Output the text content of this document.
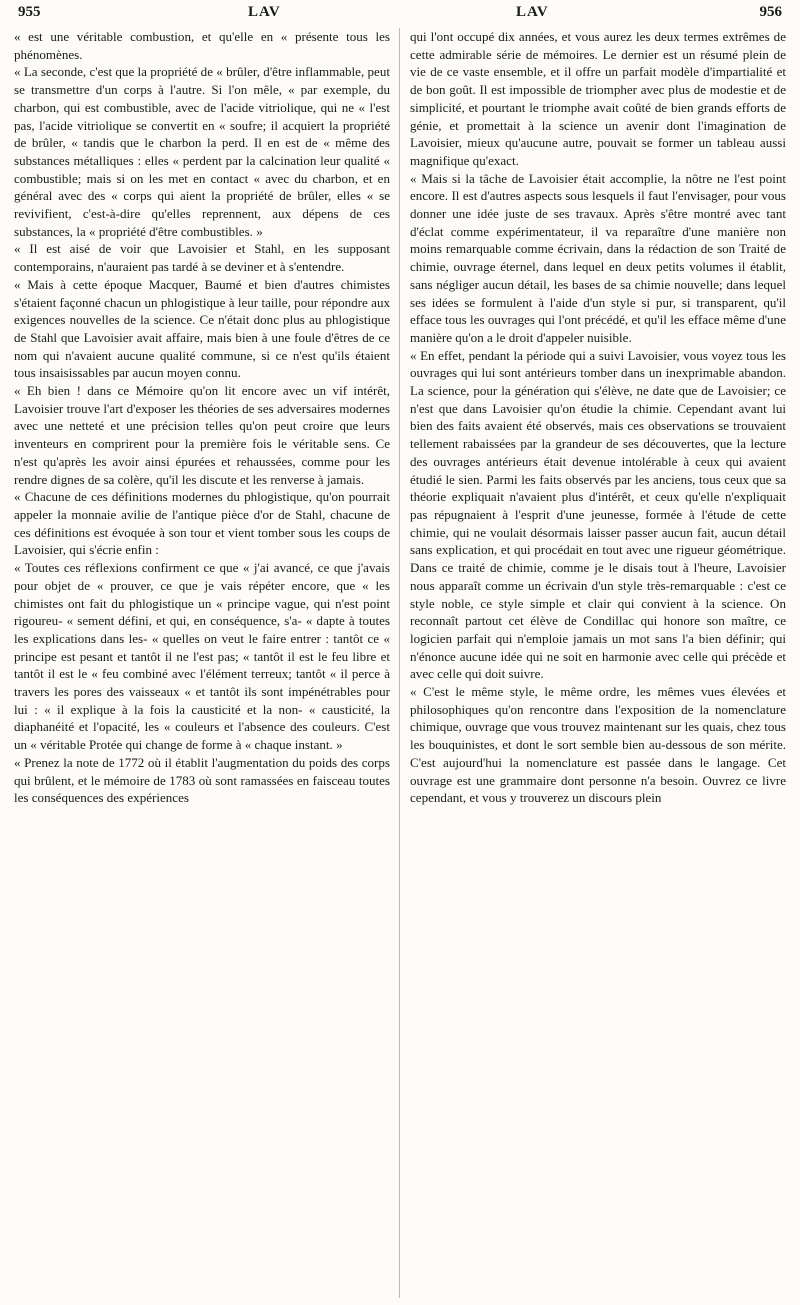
955	LAV	LAV	956

« est une véritable combustion, et qu'elle en « présente tous les phénomènes.

« La seconde, c'est que la propriété de « brûler, d'être inflammable, peut se transmettre d'un corps à l'autre. Si l'on mêle, « par exemple, du charbon, qui est combustible, avec de l'acide vitriolique, qui ne « l'est pas, l'acide vitriolique se convertit en « soufre; il acquiert la propriété de brûler, « tandis que le charbon la perd. Il en est de « même des substances métalliques : elles « perdent par la calcination leur qualité « combustible; mais si on les met en contact « avec du charbon, et en général avec des « corps qui aient la propriété de brûler, elles « se revivifient, c'est-à-dire qu'elles reprennent, aux dépens de ces substances, la « propriété d'être combustibles. »

« Il est aisé de voir que Lavoisier et Stahl, en les supposant contemporains, n'auraient pas tardé à se deviner et à s'entendre.

« Mais à cette époque Macquer, Baumé et bien d'autres chimistes s'étaient façonné chacun un phlogistique à leur taille, pour répondre aux exigences nouvelles de la science. Ce n'était donc plus au phlogistique de Stahl que Lavoisier avait affaire, mais bien à une foule d'êtres de ce nom qui n'avaient aucune qualité commune, si ce n'est qu'ils étaient tous insaisissables par aucun moyen connu.

« Eh bien ! dans ce Mémoire qu'on lit encore avec un vif intérêt, Lavoisier trouve l'art d'exposer les théories de ses adversaires modernes avec une netteté et une précision telles qu'on peut croire que leurs inventeurs en comprirent pour la première fois le véritable sens. Ce n'est qu'après les avoir ainsi épurées et rehaussées, comme pour les rendre dignes de sa colère, qu'il les discute et les renverse à jamais.

« Chacune de ces définitions modernes du phlogistique, qu'on pourrait appeler la monnaie avilie de l'antique pièce d'or de Stahl, chacune de ces définitions est évoquée à son tour et vient tomber sous les coups de Lavoisier, qui s'écrie enfin :

« Toutes ces réflexions confirment ce que « j'ai avancé, ce que j'avais pour objet de « prouver, ce que je vais répéter encore, que « les chimistes ont fait du phlogistique un « principe vague, qui n'est point rigoureu- « sement défini, et qui, en conséquence, s'a- « dapte à toutes les explications dans les- « quelles on veut le faire entrer : tantôt ce « principe est pesant et tantôt il ne l'est pas; « tantôt il est le feu libre et tantôt il est le « feu combiné avec l'élément terreux; tantôt « il perce à travers les pores des vaisseaux « et tantôt ils sont impénétrables pour lui : « il explique à la fois la causticité et la non- « causticité, la diaphanéité et l'opacité, les « couleurs et l'absence des couleurs. C'est un « véritable Protée qui change de forme à « chaque instant. »

« Prenez la note de 1772 où il établit l'augmentation du poids des corps qui brûlent, et le mémoire de 1783 où sont ramassées en faisceau toutes les conséquences des expériences

qui l'ont occupé dix années, et vous aurez les deux termes extrêmes de cette admirable série de mémoires. Le dernier est un résumé plein de vie de ce vaste ensemble, et il offre un parfait modèle d'impartialité et de bon goût. Il est impossible de triompher avec plus de modestie et de simplicité, et pourtant le triomphe avait coûté de bien grands efforts de génie, et promettait à la science un avenir dont l'imagination de Lavoisier, mieux qu'aucune autre, pouvait se former un tableau aussi magnifique qu'exact.

« Mais si la tâche de Lavoisier était accomplie, la nôtre ne l'est point encore. Il est d'autres aspects sous lesquels il faut l'envisager, pour vous donner une idée juste de ses travaux. Après s'être montré avec tant d'éclat comme expérimentateur, il va reparaître d'une manière non moins remarquable comme écrivain, dans la rédaction de son Traité de chimie, ouvrage éternel, dans lequel en deux petits volumes il établit, sans négliger aucun détail, les bases de sa chimie nouvelle; dans lequel ses idées se formulent à l'aide d'un style si pur, si transparent, qu'il efface tous les ouvrages qui l'ont précédé, et qu'il les efface même d'une manière qu'on a le droit d'appeler nuisible.

« En effet, pendant la période qui a suivi Lavoisier, vous voyez tous les ouvrages qui lui sont antérieurs tomber dans un inexprimable abandon. La science, pour la génération qui s'élève, ne date que de Lavoisier; ce n'est que dans Lavoisier qu'on étudie la chimie. Cependant avant lui bien des faits avaient été observés, mais ces observations se trouvaient tellement rabaissées par la grandeur de ses découvertes, que la lecture des ouvrages antérieurs était devenue intolérable à ceux qui avaient étudié le sien. Parmi les faits observés par les anciens, tous ceux que sa théorie expliquait n'avaient plus d'intérêt, et ceux qu'elle n'expliquait pas répugnaient à l'esprit d'une jeunesse, formée à l'étude de cette chimie, qui ne voulait désormais laisser passer aucun fait, aucun détail sans explication, et qui procédait en tout avec une rigueur géométrique. Dans ce traité de chimie, comme je le disais tout à l'heure, Lavoisier nous apparaît comme un écrivain d'un style très-remarquable : c'est ce style noble, ce style simple et clair qui convient à la science. On reconnaît partout cet élève de Condillac qui honore son maître, ce logicien parfait qui n'emploie jamais un mot sans l'a bien définir; qui n'énonce aucune idée qui ne soit en harmonie avec celle qui précède et avec celle qui doit suivre.

« C'est le même style, le même ordre, les mêmes vues élevées et philosophiques qu'on rencontre dans l'exposition de la nomenclature chimique, ouvrage que vous trouvez maintenant sur les quais, chez tous les bouquinistes, et dont le sort semble bien au-dessous de son mérite. C'est aujourd'hui la nomenclature est passée dans le langage. Cet ouvrage est une grammaire dont personne n'a besoin. Ouvrez ce livre cependant, et vous y trouverez un discours plein
